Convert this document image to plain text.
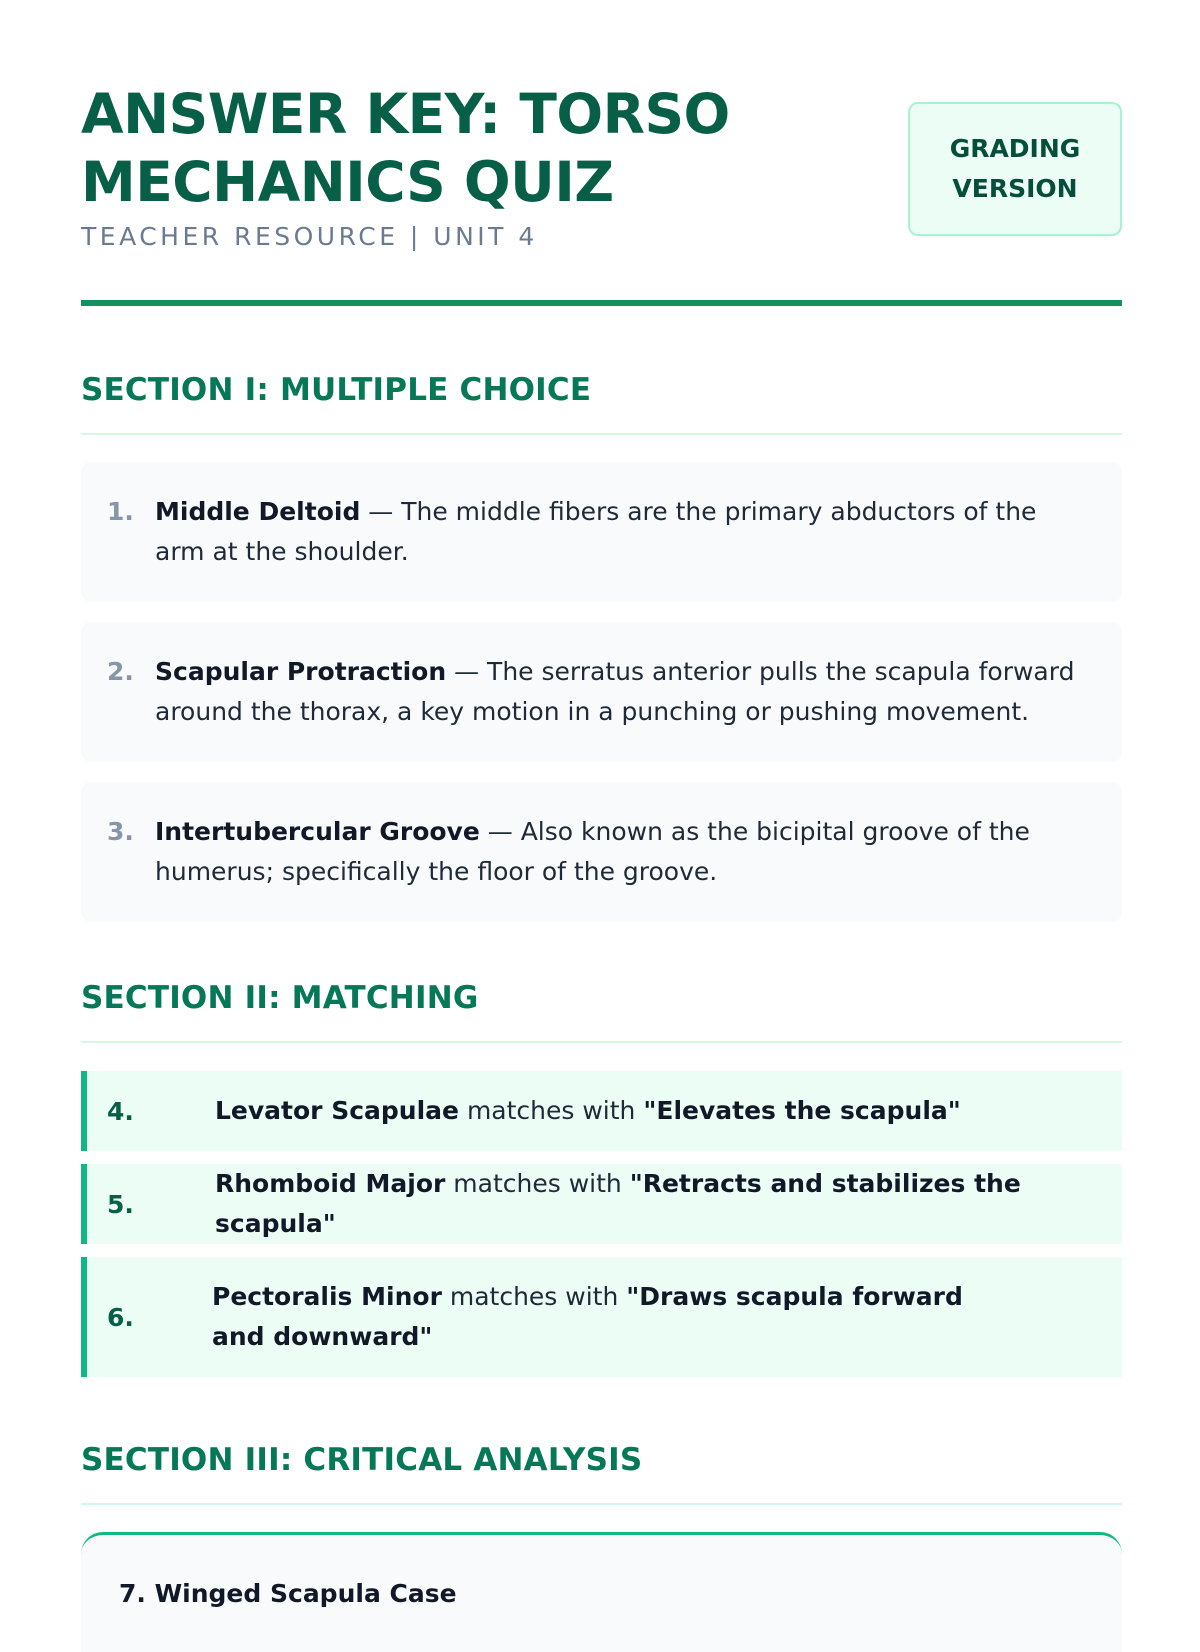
ANSWER KEY: TORSO
MECHANICS QUIZ
TEACHER RESOURCE | UNIT 4
GRADING
VERSION
SECTION I: MULTIPLE CHOICE
1. Middle Deltoid — The middle fibers are the primary abductors of the arm at the shoulder.
2. Scapular Protraction — The serratus anterior pulls the scapula forward around the thorax, a key motion in a punching or pushing movement.
3. Intertubercular Groove — Also known as the bicipital groove of the humerus; specifically the floor of the groove.
SECTION II: MATCHING
4.	Levator Scapulae matches with "Elevates the scapula"
5.
Rhomboid Major matches with "Retracts and stabilizes the scapula"
6.
Pectoralis Minor matches with "Draws scapula forward and downward"
SECTION III: CRITICAL ANALYSIS
7. Winged Scapula Case
